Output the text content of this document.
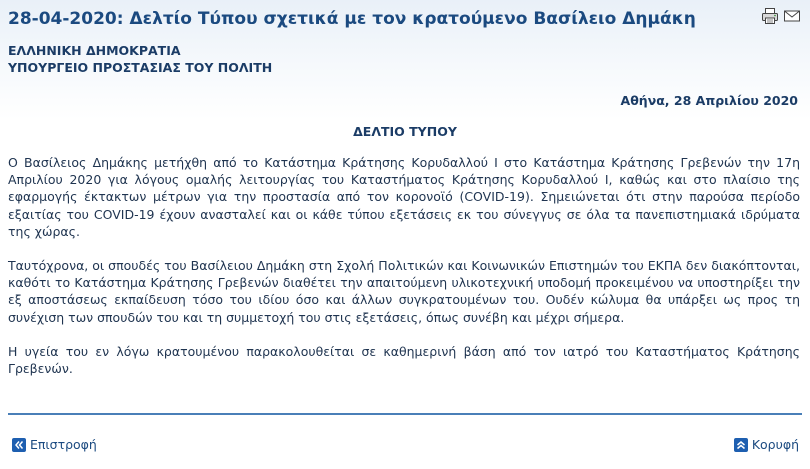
28-04-2020: Δελτίο Τύπου σχετικά με τον κρατούμενο Βασίλειο Δημάκη
ΕΛΛΗΝΙΚΗ ΔΗΜΟΚΡΑΤΙΑ
ΥΠΟΥΡΓΕΙΟ ΠΡΟΣΤΑΣΙΑΣ ΤΟΥ ΠΟΛΙΤΗ
Αθήνα, 28 Απριλίου 2020
ΔΕΛΤΙΟ ΤΥΠΟΥ

Ο Βασίλειος Δημάκης μετήχθη από το Κατάστημα Κράτησης Κορυδαλλού Ι στο Κατάστημα Κράτησης Γρεβενών την 17η Απριλίου 2020 για λόγους ομαλής λειτουργίας του Καταστήματος Κράτησης Κορυδαλλού Ι, καθώς και στο πλαίσιο της εφαρμογής έκτακτων μέτρων για την προστασία από τον κορονοϊό (COVID-19). Σημειώνεται ότι στην παρούσα περίοδο εξαιτίας του COVID-19 έχουν ανασταλεί και οι κάθε τύπου εξετάσεις εκ του σύνεγγυς σε όλα τα πανεπιστημιακά ιδρύματα της χώρας.

Ταυτόχρονα, οι σπουδές του Βασίλειου Δημάκη στη Σχολή Πολιτικών και Κοινωνικών Επιστημών του ΕΚΠΑ δεν διακόπτονται, καθότι το Κατάστημα Κράτησης Γρεβενών διαθέτει την απαιτούμενη υλικοτεχνική υποδομή προκειμένου να υποστηρίξει την εξ αποστάσεως εκπαίδευση τόσο του ιδίου όσο και άλλων συγκρατουμένων του. Ουδέν κώλυμα θα υπάρξει ως προς τη συνέχιση των σπουδών του και τη συμμετοχή του στις εξετάσεις, όπως συνέβη και μέχρι σήμερα.

Η υγεία του εν λόγω κρατουμένου παρακολουθείται σε καθημερινή βάση από τον ιατρό του Καταστήματος Κράτησης Γρεβενών.

Επιστροφή	Κορυφή
